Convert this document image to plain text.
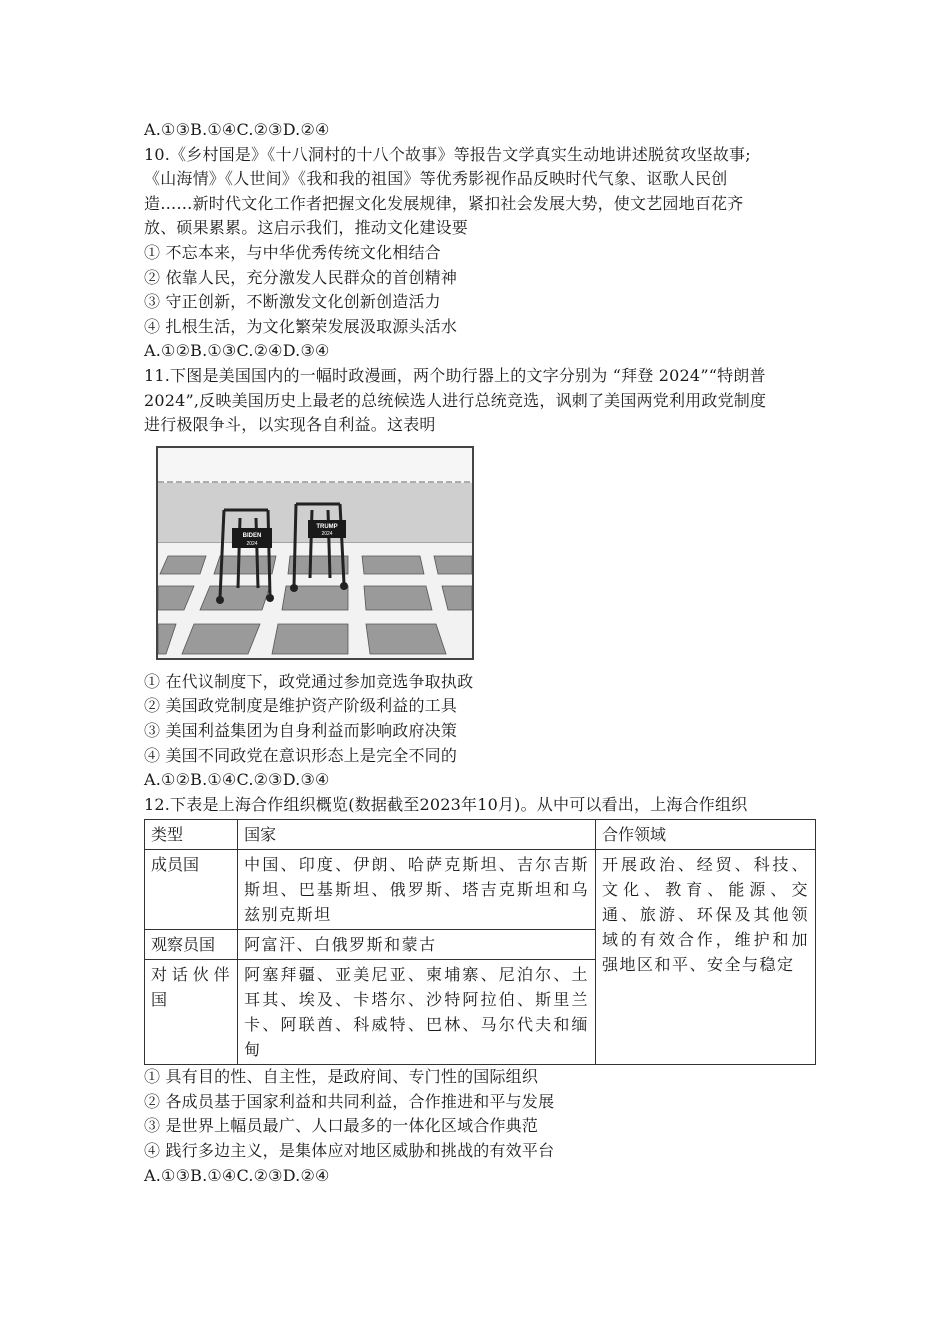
A.①③B.①④C.②③D.②④
10.《乡村国是》《十八洞村的十八个故事》等报告文学真实生动地讲述脱贫攻坚故事;
《山海情》《人世间》《我和我的祖国》等优秀影视作品反映时代气象、讴歌人民创
造……新时代文化工作者把握文化发展规律，紧扣社会发展大势，使文艺园地百花齐
放、硕果累累。这启示我们，推动文化建设要
① 不忘本来，与中华优秀传统文化相结合
② 依靠人民，充分激发人民群众的首创精神
③ 守正创新，不断激发文化创新创造活力
④ 扎根生活，为文化繁荣发展汲取源头活水
A.①②B.①③C.②④D.③④
11.下图是美国国内的一幅时政漫画，两个助行器上的文字分别为 “拜登 2024”“特朗普
2024”,反映美国历史上最老的总统候选人进行总统竞选，讽刺了美国两党利用政党制度
进行极限争斗，以实现各自利益。这表明
BIDEN
2024
TRUMP
2024
① 在代议制度下，政党通过参加竞选争取执政
② 美国政党制度是维护资产阶级利益的工具
③ 美国利益集团为自身利益而影响政府决策
④ 美国不同政党在意识形态上是完全不同的
A.①②B.①④C.②③D.③④
12.下表是上海合作组织概览(数据截至2023年10月)。从中可以看出，上海合作组织
类型	国家	合作领域
成员国	中国、印度、伊朗、哈萨克斯坦、吉尔吉斯斯坦、巴基斯坦、俄罗斯、塔吉克斯坦和乌兹别克斯坦	开展政治、经贸、科技、文化、教育、能源、交通、旅游、环保及其他领域的有效合作，维护和加强地区和平、安全与稳定
观察员国	阿富汗、白俄罗斯和蒙古	
对话伙伴国	阿塞拜疆、亚美尼亚、柬埔寨、尼泊尔、土耳其、埃及、卡塔尔、沙特阿拉伯、斯里兰卡、阿联酋、科威特、巴林、马尔代夫和缅甸	
① 具有目的性、自主性，是政府间、专门性的国际组织
② 各成员基于国家利益和共同利益，合作推进和平与发展
③ 是世界上幅员最广、人口最多的一体化区域合作典范
④ 践行多边主义，是集体应对地区威胁和挑战的有效平台
A.①③B.①④C.②③D.②④
